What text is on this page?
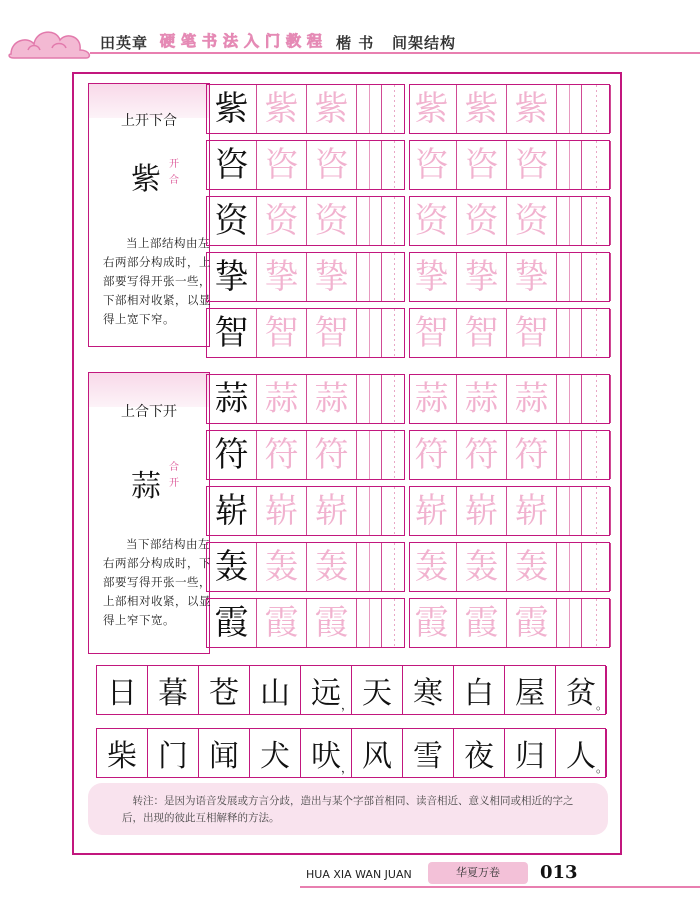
田英章 硬笔书法入门教程 楷 书 间架结构
上开下合
紫 开
合
当上部结构由左右两部分构成时，上部要写得开张一些，下部相对收紧，以显得上宽下窄。
上合下开
蒜
合
开
当下部结构由左右两部分构成时，下部要写得开张一些，上部相对收紧，以显得上窄下宽。
紫 紫 紫 紫 紫 紫
咨 咨 咨 咨 咨 咨
资 资 资 资 资 资
挚 挚 挚 挚 挚 挚
智 智 智 智 智 智
蒜 蒜 蒜 蒜 蒜 蒜
符 符 符 符 符 符
崭 崭 崭 崭 崭 崭
轰 轰 轰 轰 轰 轰
霞 霞 霞 霞 霞 霞
日 暮 苍 山 远 天 寒 白 屋 贫
，	。
柴 门 闻 犬 吠 风 雪 夜 归 人
，	。
转注：是因为语音发展或方言分歧，造出与某个字部首相同、读音相近、意义相同或相近的字之后，出现的彼此互相解释的方法。
HUA XIA WAN JUAN	华夏万卷	013
